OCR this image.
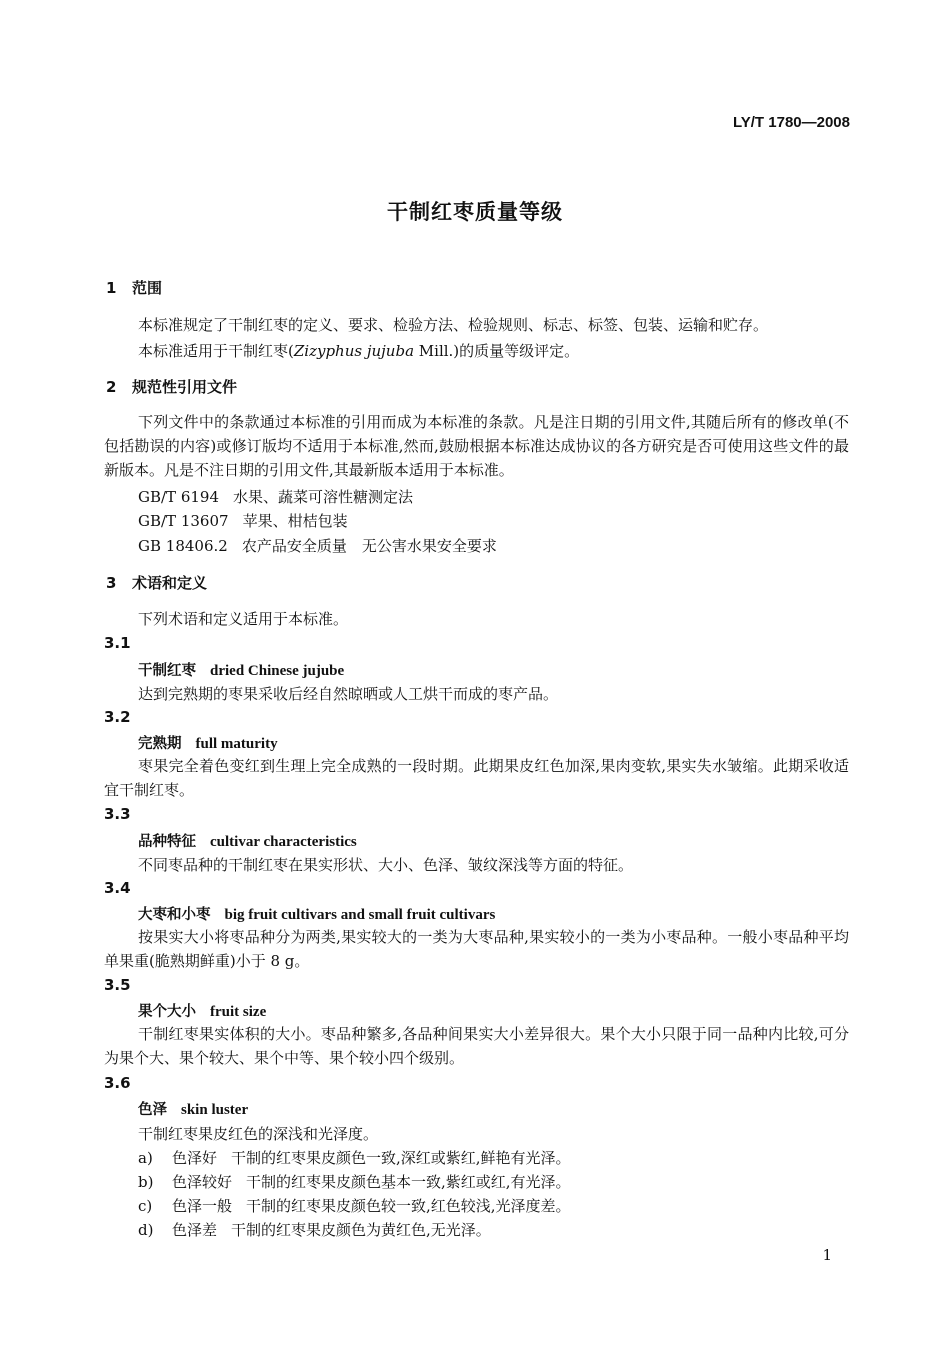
LY/T 1780—2008
干制红枣质量等级
1 范围
本标准规定了干制红枣的定义、要求、检验方法、检验规则、标志、标签、包装、运输和贮存。
本标准适用于干制红枣(Zizyphus jujuba Mill.)的质量等级评定。
2 规范性引用文件
下列文件中的条款通过本标准的引用而成为本标准的条款。凡是注日期的引用文件,其随后所有的修改单(不包括勘误的内容)或修订版均不适用于本标准,然而,鼓励根据本标准达成协议的各方研究是否可使用这些文件的最新版本。凡是不注日期的引用文件,其最新版本适用于本标准。
GB/T 6194 水果、蔬菜可溶性糖测定法
GB/T 13607 苹果、柑桔包装
GB 18406.2 农产品安全质量　无公害水果安全要求
3 术语和定义
下列术语和定义适用于本标准。
3.1
干制红枣 dried Chinese jujube
达到完熟期的枣果采收后经自然晾晒或人工烘干而成的枣产品。
3.2
完熟期 full maturity
枣果完全着色变红到生理上完全成熟的一段时期。此期果皮红色加深,果肉变软,果实失水皱缩。此期采收适宜干制红枣。
3.3
品种特征 cultivar characteristics
不同枣品种的干制红枣在果实形状、大小、色泽、皱纹深浅等方面的特征。
3.4
大枣和小枣 big fruit cultivars and small fruit cultivars
按果实大小将枣品种分为两类,果实较大的一类为大枣品种,果实较小的一类为小枣品种。一般小枣品种平均单果重(脆熟期鲜重)小于 8 g。
3.5
果个大小 fruit size
干制红枣果实体积的大小。枣品种繁多,各品种间果实大小差异很大。果个大小只限于同一品种内比较,可分为果个大、果个较大、果个中等、果个较小四个级别。
3.6
色泽 skin luster
干制红枣果皮红色的深浅和光泽度。
a) 色泽好 干制的红枣果皮颜色一致,深红或紫红,鲜艳有光泽。
b) 色泽较好 干制的红枣果皮颜色基本一致,紫红或红,有光泽。
c) 色泽一般 干制的红枣果皮颜色较一致,红色较浅,光泽度差。
d) 色泽差 干制的红枣果皮颜色为黄红色,无光泽。
1
